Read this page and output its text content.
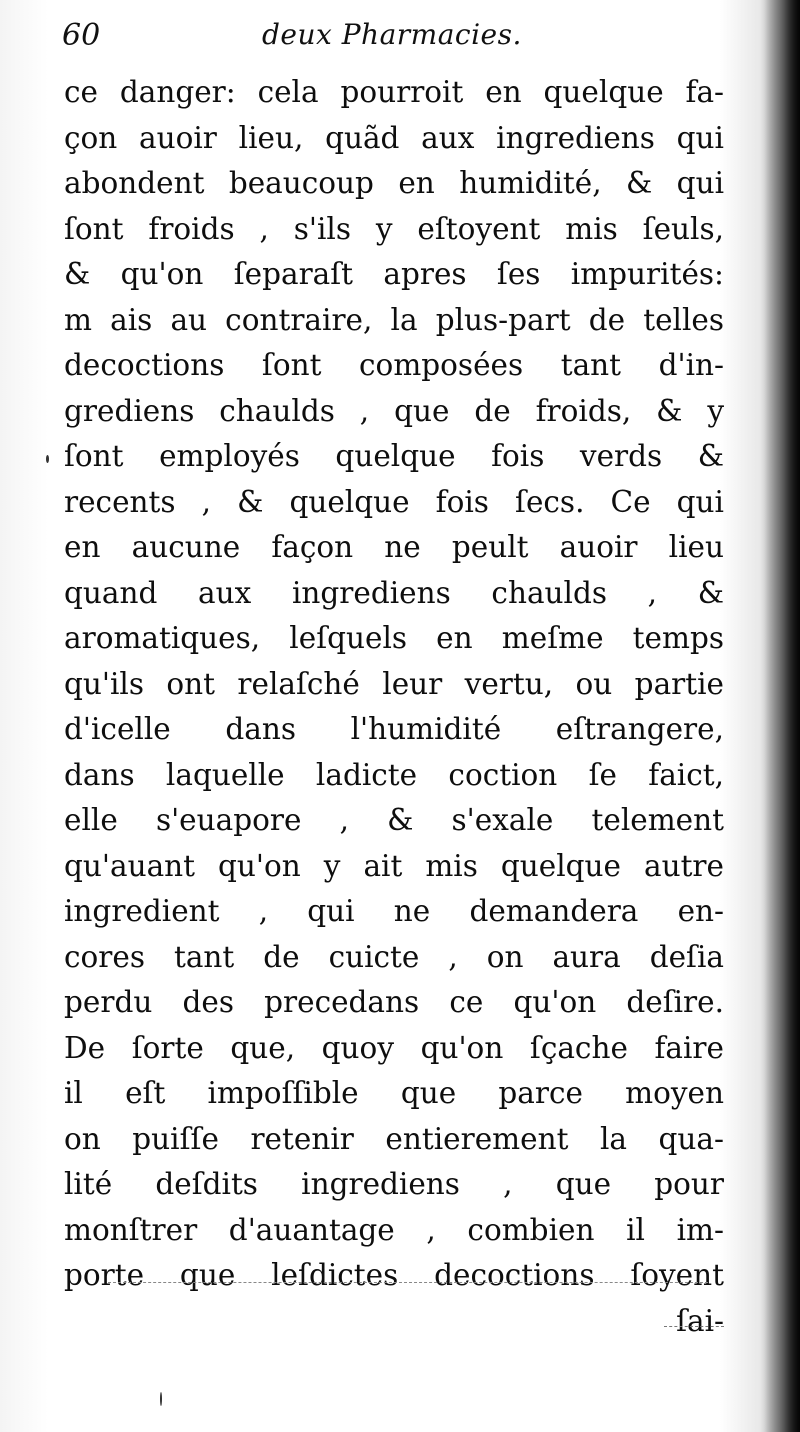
60	deux Pharmacies.
ce danger: cela pourroit en quelque fa-
çon auoir lieu, quãd aux ingrediens qui
abondent beaucoup en humidité, & qui
ſont froids , s'ils y eſtoyent mis ſeuls,
& qu'on ſeparaſt apres ſes impurités:
m ais au contraire, la plus-part de telles
decoctions ſont composées tant d'in-
grediens chaulds , que de froids, & y
ſont employés quelque fois verds &
recents , & quelque fois ſecs. Ce qui
en aucune façon ne peult auoir lieu
quand aux ingrediens chaulds , &
aromatiques, leſquels en meſme temps
qu'ils ont relaſché leur vertu, ou partie
d'icelle dans l'humidité eſtrangere,
dans laquelle ladicte coction ſe faict,
elle s'euapore , & s'exale telement
qu'auant qu'on y ait mis quelque autre
ingredient , qui ne demandera en-
cores tant de cuicte , on aura deſia
perdu des precedans ce qu'on deſire.
De ſorte que, quoy qu'on ſçache faire
il eſt impoſſible que parce moyen
on puiſſe retenir entierement la qua-
lité deſdits ingrediens , que pour
monſtrer d'auantage , combien il im-
porte que leſdictes decoctions ſoyent
ſai-
